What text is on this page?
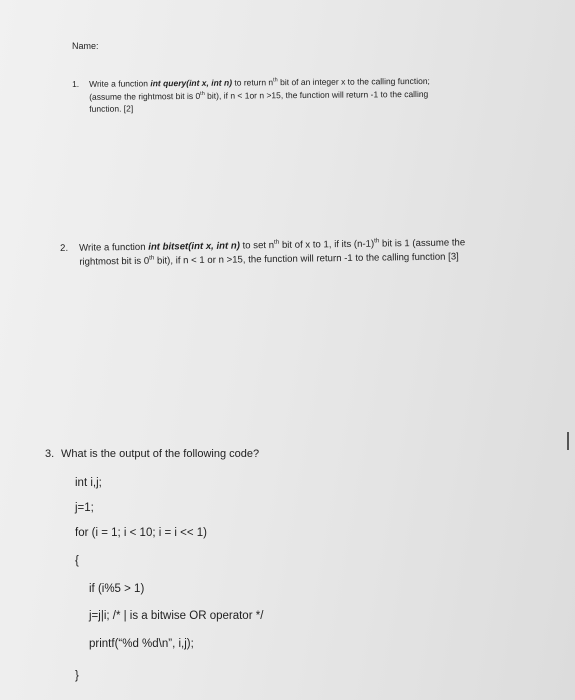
Name:
1. Write a function int query(int x, int n) to return $n^{th}$ bit of an integer x to the calling function;
(assume the rightmost bit is 0th bit), if n < 1or n >15, the function will return -1 to the calling
function. [2]
2. Write a function int bitset(int x, int n) to set $n^{th}$ bit of x to 1, if its $(n-1)^{th}$ bit is 1 (assume the
rightmost bit is 0th bit), if n < 1 or n >15, the function will return -1 to the calling function [3]
3. What is the output of the following code?
int i,j;
j=1;
for (i = 1; i < 10; i = i << 1)
{
if (i%5 > 1)
j=j|i; /* | is a bitwise OR operator */
printf(“%d %d\n”, i,j);
}
